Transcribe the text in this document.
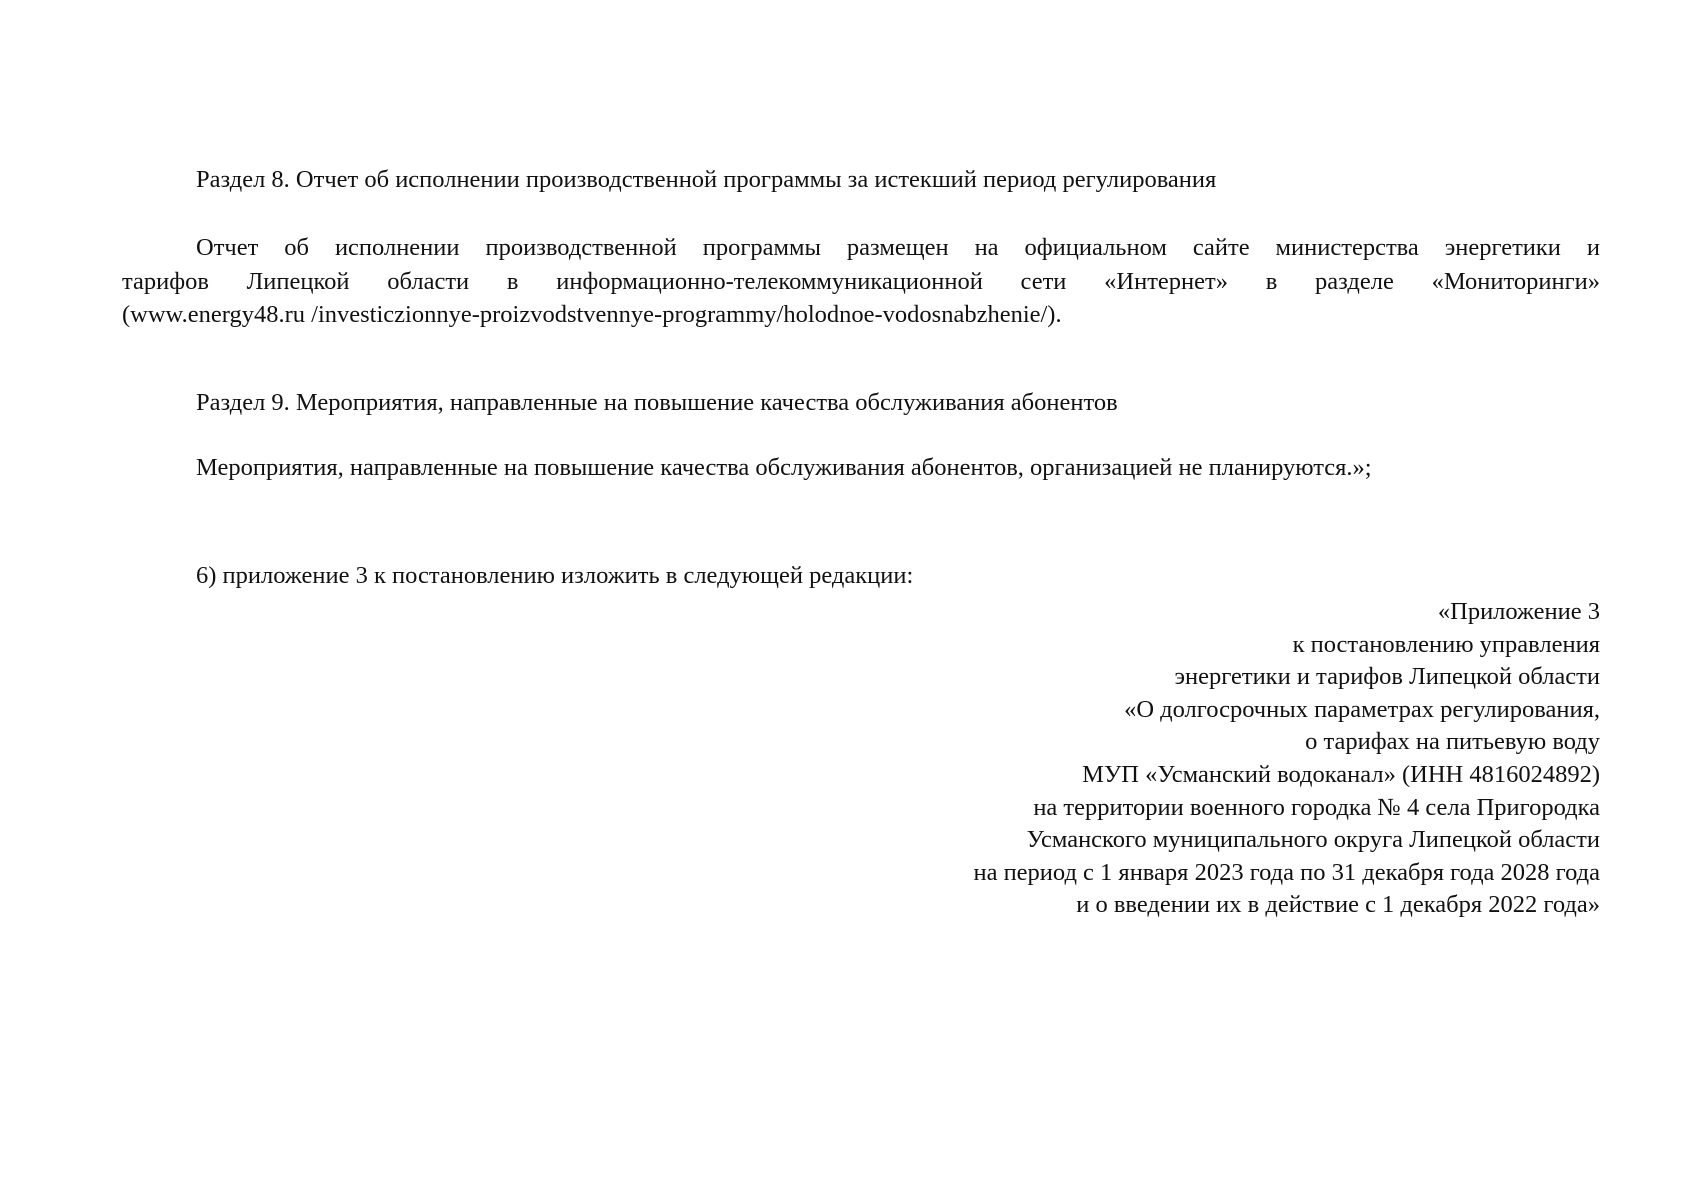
Раздел 8. Отчет об исполнении производственной программы за истекший период регулирования
Отчет об исполнении производственной программы размещен на официальном сайте министерства энергетики и
тарифов Липецкой области в информационно-телекоммуникационной сети «Интернет» в разделе «Мониторинги»
(www.energy48.ru /investiczionnye-proizvodstvennye-programmy/holodnoe-vodosnabzhenie/).
Раздел 9. Мероприятия, направленные на повышение качества обслуживания абонентов
Мероприятия, направленные на повышение качества обслуживания абонентов, организацией не планируются.»;
6) приложение 3 к постановлению изложить в следующей редакции:
«Приложение 3
к постановлению управления
энергетики и тарифов Липецкой области
«О долгосрочных параметрах регулирования,
о тарифах на питьевую воду
МУП «Усманский водоканал» (ИНН 4816024892)
на территории военного городка № 4 села Пригородка
Усманского муниципального округа Липецкой области
на период с 1 января 2023 года по 31 декабря года 2028 года
и о введении их в действие с 1 декабря 2022 года»
